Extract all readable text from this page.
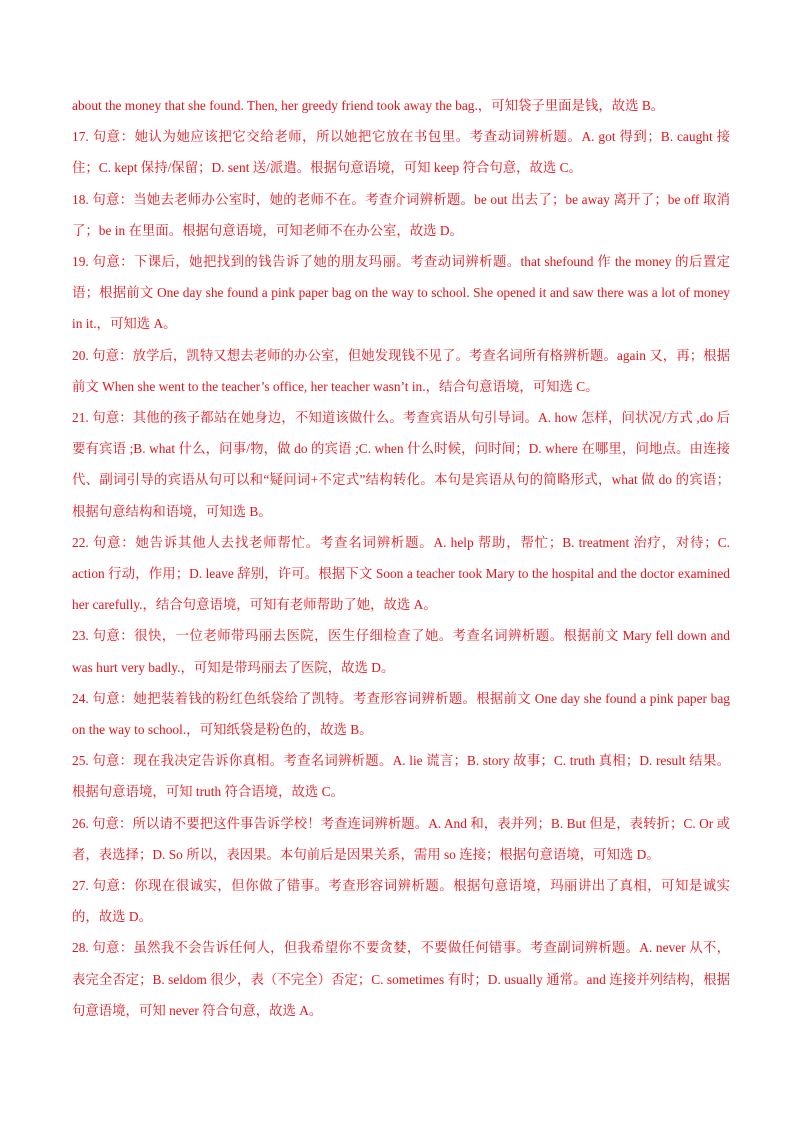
about the money that she found. Then, her greedy friend took away the bag.，可知袋子里面是钱，故选 B。

17. 句意：她认为她应该把它交给老师，所以她把它放在书包里。考查动词辨析题。A. got 得到；B. caught 接住；C. kept 保持/保留；D. sent 送/派遣。根据句意语境，可知 keep 符合句意，故选 C。

18. 句意：当她去老师办公室时，她的老师不在。考查介词辨析题。be out 出去了；be away 离开了；be off 取消了；be in 在里面。根据句意语境，可知老师不在办公室，故选 D。

19. 句意：下课后，她把找到的钱告诉了她的朋友玛丽。考查动词辨析题。that shefound 作 the money 的后置定语；根据前文 One day she found a pink paper bag on the way to school. She opened it and saw there was a lot of money in it.，可知选 A。

20. 句意：放学后，凯特又想去老师的办公室，但她发现钱不见了。考查名词所有格辨析题。again 又，再；根据前文 When she went to the teacher’s office, her teacher wasn’t in.，结合句意语境，可知选 C。

21. 句意：其他的孩子都站在她身边，不知道该做什么。考查宾语从句引导词。A. how 怎样，问状况/方式 ,do 后要有宾语 ;B. what 什么，问事/物，做 do 的宾语 ;C. when 什么时候，问时间；D. where 在哪里，问地点。由连接代、副词引导的宾语从句可以和“疑问词+不定式”结构转化。本句是宾语从句的简略形式，what 做 do 的宾语；根据句意结构和语境，可知选 B。

22. 句意：她告诉其他人去找老师帮忙。考查名词辨析题。A. help 帮助，帮忙；B. treatment 治疗，对待；C. action 行动，作用；D. leave 辞别，许可。根据下文 Soon a teacher took Mary to the hospital and the doctor examined her carefully.，结合句意语境，可知有老师帮助了她，故选 A。

23. 句意：很快，一位老师带玛丽去医院，医生仔细检查了她。考查名词辨析题。根据前文 Mary fell down and was hurt very badly.，可知是带玛丽去了医院，故选 D。

24. 句意：她把装着钱的粉红色纸袋给了凯特。考查形容词辨析题。根据前文 One day she found a pink paper bag on the way to school.，可知纸袋是粉色的，故选 B。

25. 句意：现在我决定告诉你真相。考查名词辨析题。A. lie 谎言；B. story 故事；C. truth 真相；D. result 结果。根据句意语境，可知 truth 符合语境，故选 C。

26. 句意：所以请不要把这件事告诉学校！考查连词辨析题。A. And 和，表并列；B. But 但是，表转折；C. Or 或者，表选择；D. So 所以，表因果。本句前后是因果关系，需用 so 连接；根据句意语境，可知选 D。

27. 句意：你现在很诚实，但你做了错事。考查形容词辨析题。根据句意语境，玛丽讲出了真相，可知是诚实的，故选 D。

28. 句意：虽然我不会告诉任何人，但我希望你不要贪婪，不要做任何错事。考查副词辨析题。A. never 从不，表完全否定；B. seldom 很少，表（不完全）否定；C. sometimes 有时；D. usually 通常。and 连接并列结构，根据句意语境，可知 never 符合句意，故选 A。
